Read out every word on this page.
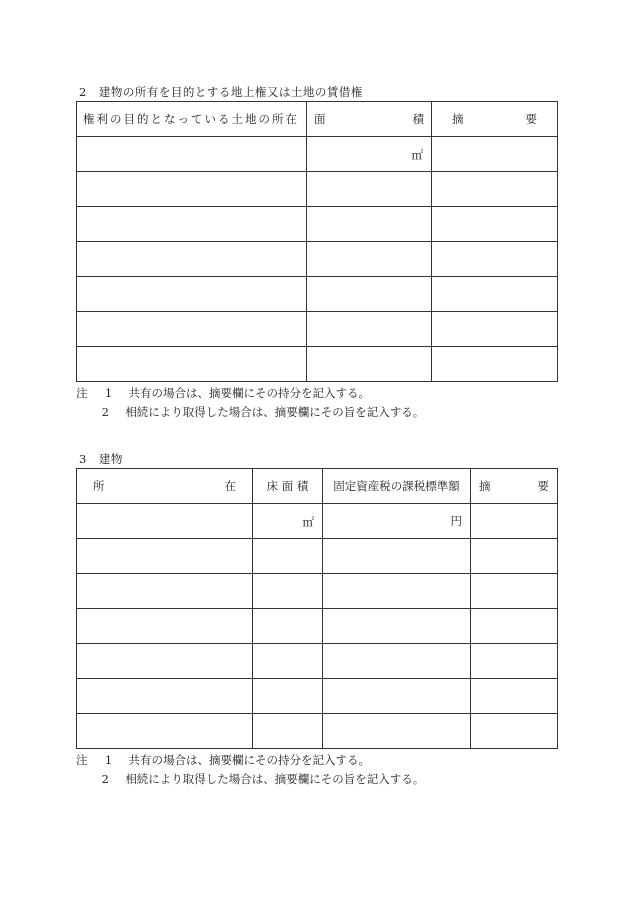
2　建物の所有を目的とする地上権又は土地の賃借権
権利の目的となっている土地の所在	面 積	摘 要

	㎡	

注 1 共有の場合は、摘要欄にその持分を記入する。
2 相続により取得した場合は、摘要欄にその旨を記入する。
3　建物
所 在	床 面 積	固定資産税の課税標準額	摘 要

	㎡	円	

注 1 共有の場合は、摘要欄にその持分を記入する。
2 相続により取得した場合は、摘要欄にその旨を記入する。
